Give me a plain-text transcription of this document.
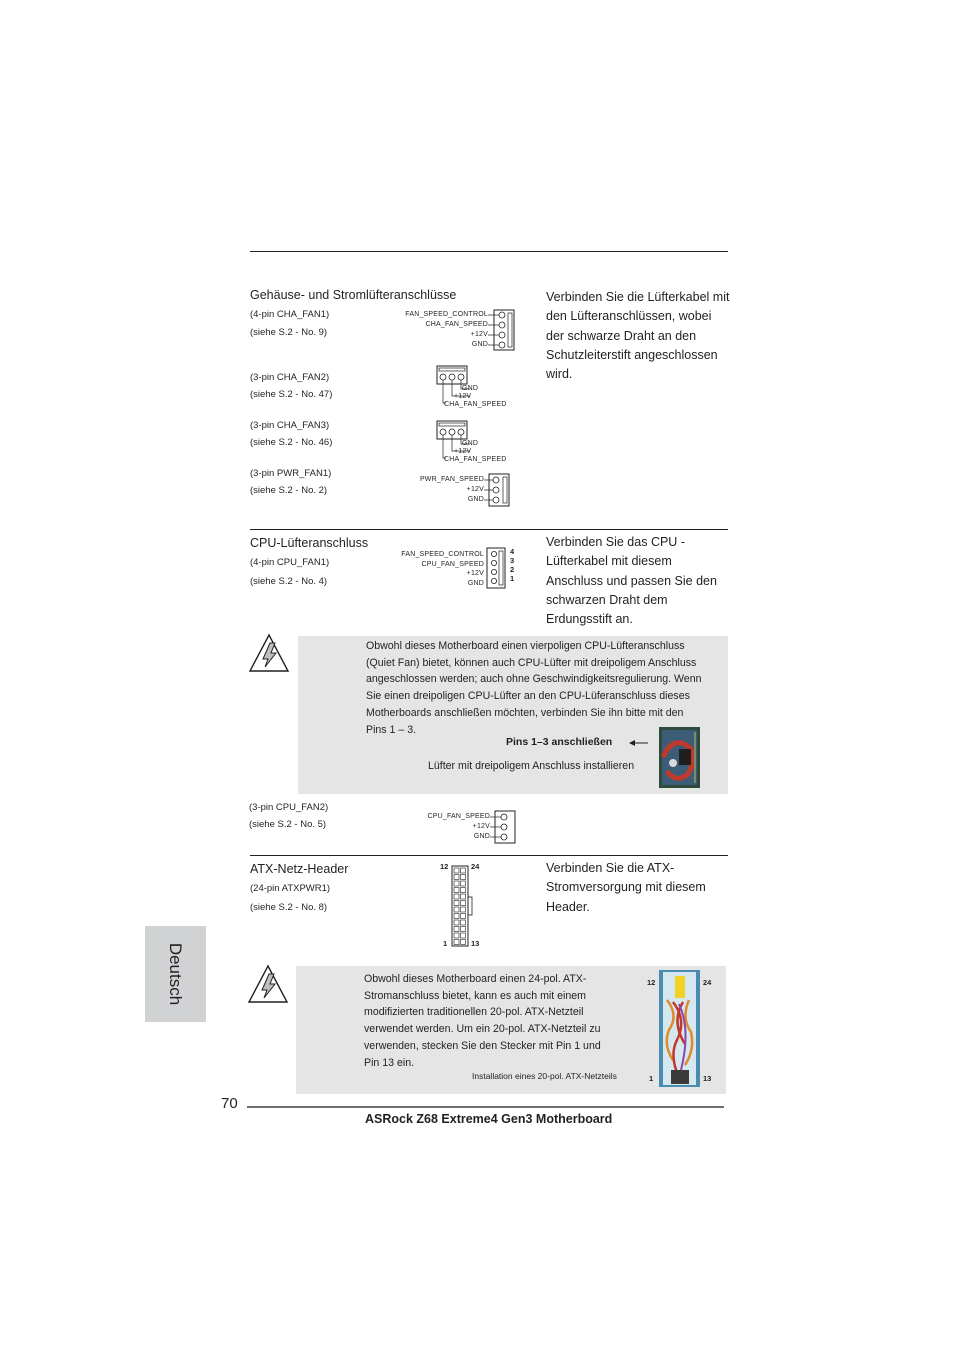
Gehäuse- und Stromlüfteranschlüsse	Verbinden Sie die Lüfterkabel mit
den Lüfteranschlüssen, wobei
der schwarze Draht an den
Schutzleiterstift angeschlossen
wird.
(4-pin CHA_FAN1)
(siehe S.2 - No. 9)
FAN_SPEED_CONTROL
CHA_FAN_SPEED
+12V
GND
(3-pin CHA_FAN2)
(siehe S.2 - No. 47)
GND
+12V
CHA_FAN_SPEED
(3-pin CHA_FAN3)
(siehe S.2 - No. 46)	GND
+12V
CHA_FAN_SPEED
(3-pin PWR_FAN1)
(siehe S.2 - No. 2)
PWR_FAN_SPEED
+12V
GND
CPU-Lüfteranschluss
(4-pin CPU_FAN1)
(siehe S.2 - No. 4)
FAN_SPEED_CONTROL
CPU_FAN_SPEED
+12V
GND
4
3
2
1
Verbinden Sie das CPU -
Lüfterkabel mit diesem
Anschluss und passen Sie den
schwarzen Draht dem
Erdungsstift an.
Obwohl dieses Motherboard einen vierpoligen CPU-Lüfteranschluss
(Quiet Fan) bietet, können auch CPU-Lüfter mit dreipoligem Anschluss
angeschlossen werden; auch ohne Geschwindigkeitsregulierung. Wenn
Sie einen dreipoligen CPU-Lüfter an den CPU-Lüferanschluss dieses
Motherboards anschließen möchten, verbinden Sie ihn bitte mit den
Pins 1 – 3.
Pins 1–3 anschließen
Lüfter mit dreipoligem Anschluss installieren
(3-pin CPU_FAN2)
(siehe S.2 - No. 5)
CPU_FAN_SPEED
+12V
GND
ATX-Netz-Header
(24-pin ATXPWR1)
(siehe S.2 - No. 8)
12	24
1	13
Verbinden Sie die ATX-
Stromversorgung mit diesem
Header.
Obwohl dieses Motherboard einen 24-pol. ATX-
Stromanschluss bietet, kann es auch mit einem
modifizierten traditionellen 20-pol. ATX-Netzteil
verwendet werden. Um ein 20-pol. ATX-Netzteil zu
verwenden, stecken Sie den Stecker mit Pin 1 und
Pin 13 ein.
Installation eines 20-pol. ATX-Netzteils
12	24
1	13
Deutsch
70
ASRock Z68 Extreme4 Gen3 Motherboard
